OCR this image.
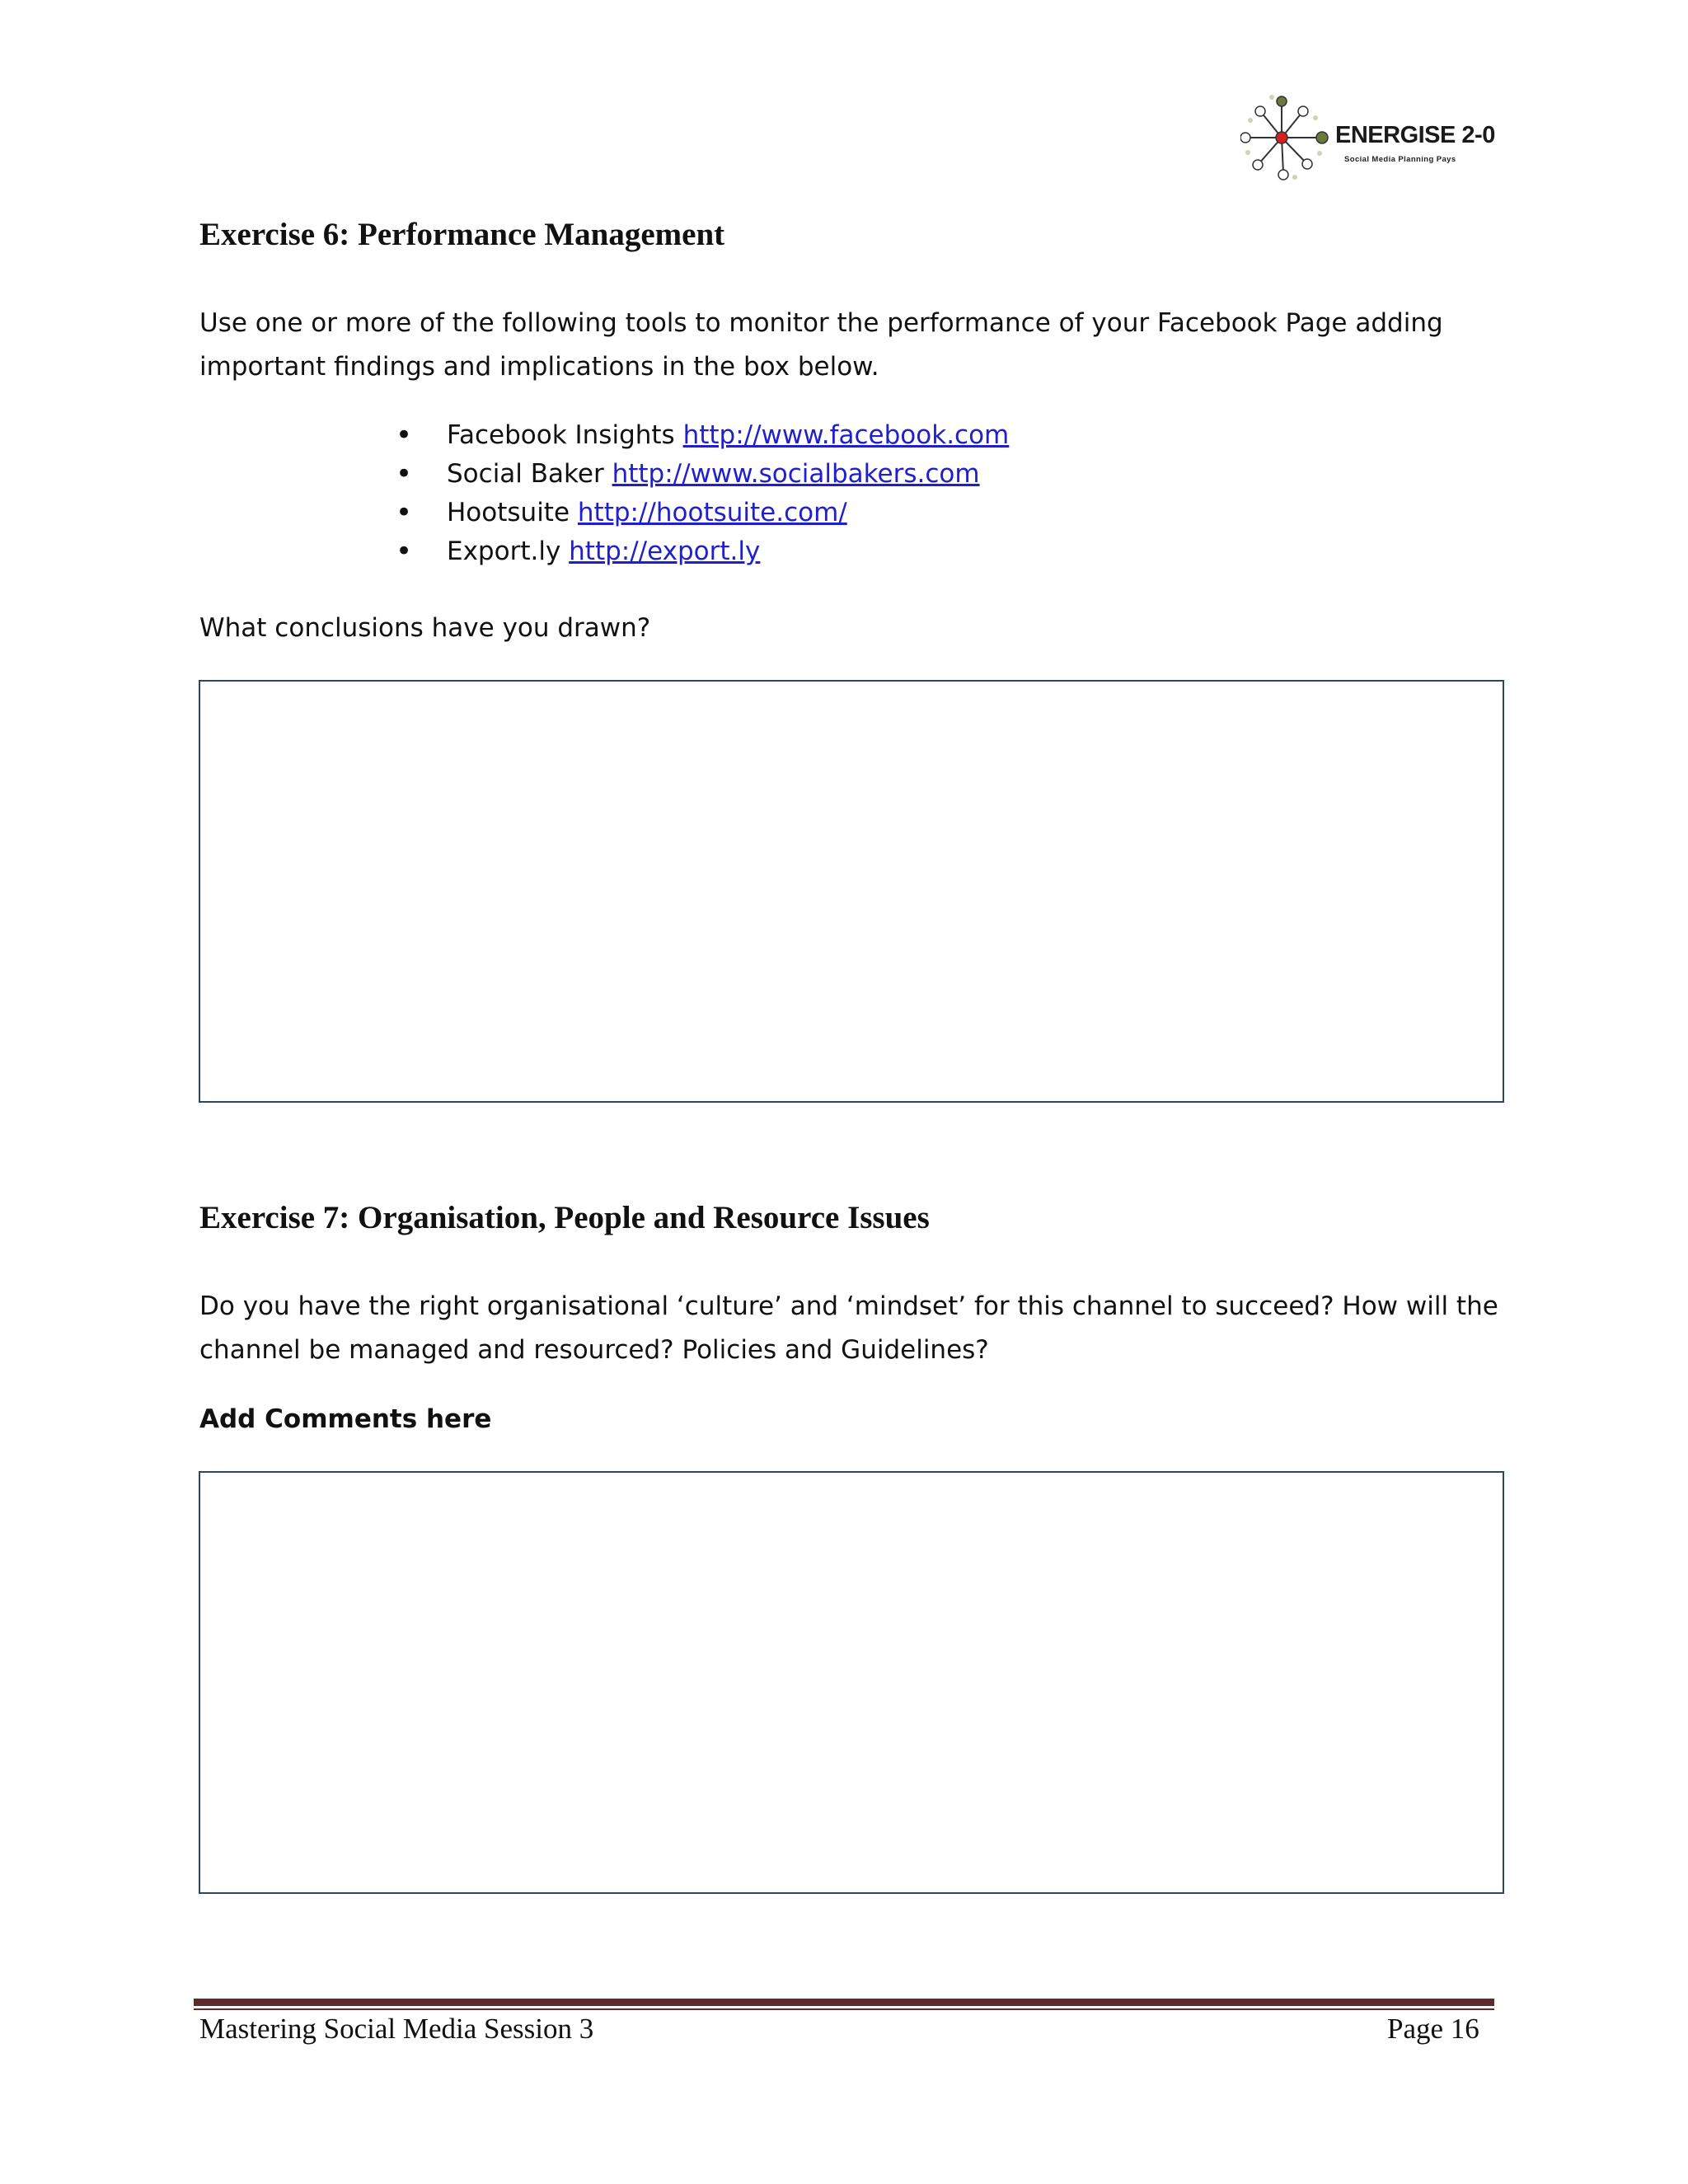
ENERGISE 2-0
Social Media Planning Pays
Exercise 6: Performance Management
Use one or more of the following tools to monitor the performance of your Facebook Page adding important findings and implications in the box below.
• Facebook Insights http://www.facebook.com
• Social Baker http://www.socialbakers.com
• Hootsuite http://hootsuite.com/
• Export.ly http://export.ly
What conclusions have you drawn?
Exercise 7: Organisation, People and Resource Issues
Do you have the right organisational ‘culture’ and ‘mindset’ for this channel to succeed? How will the channel be managed and resourced? Policies and Guidelines?
Add Comments here
Mastering Social Media Session 3	Page 16
